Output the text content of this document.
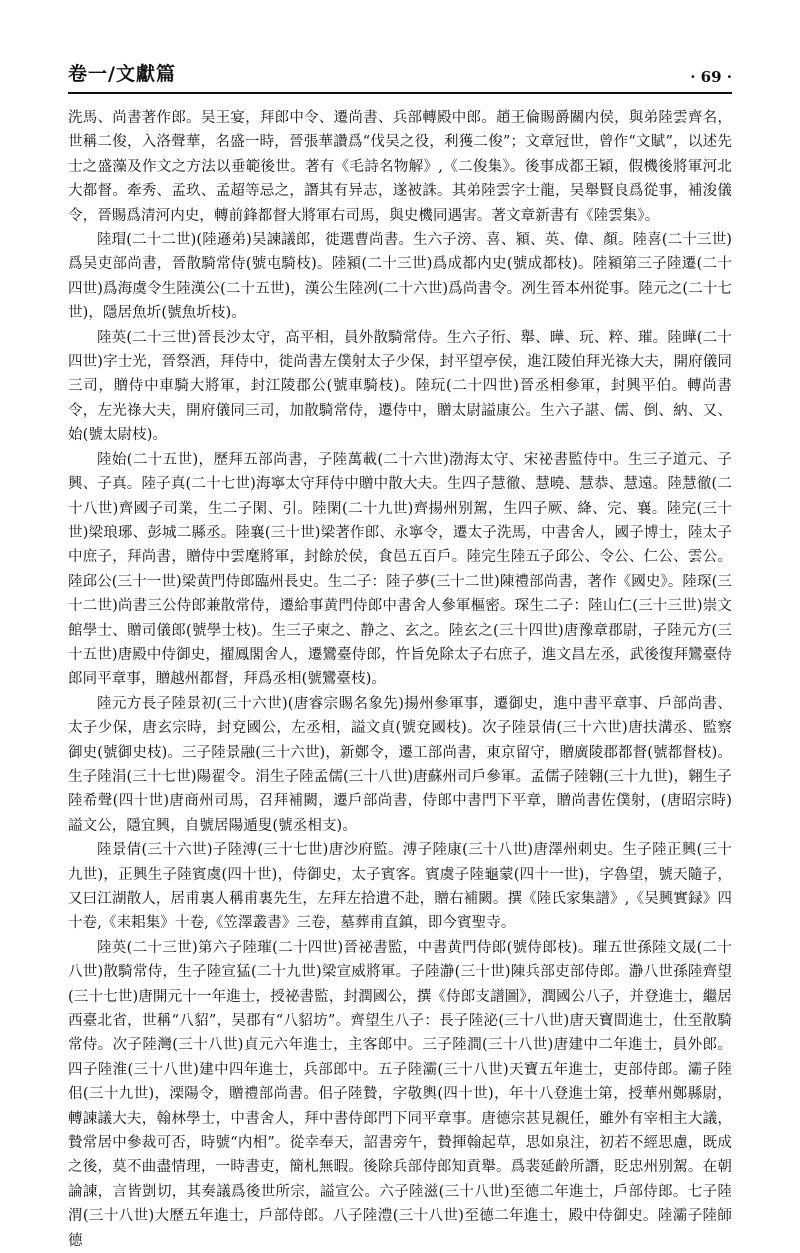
卷一/文獻篇	· 69 ·

洗馬、尚書著作郎。吴王宴，拜郎中令、遷尚書、兵部轉殿中郎。趙王倫賜爵關内侯，與弟陸雲齊名，世稱二俊，入洛聲華，名盛一時，晉張華讚爲“伐吴之役，利獲二俊”；文章冠世，曾作“文賦”，以述先士之盛藻及作文之方法以垂範後世。著有《毛詩名物解》,《二俊集》。後事成都王穎，假機後將軍河北大都督。牽秀、孟玖、孟超等忌之，譖其有异志，遂被誅。其弟陸雲字士龍，吴舉賢良爲從事，補浚儀令，晉賜爲清河内史，轉前鋒都督大將軍右司馬，與史機同遇害。著文章新書有《陸雲集》。

陸瑁(二十二世)(陸遜弟)吴諫議郎，徙選曹尚書。生六子滂、喜、潁、英、偉、顏。陸喜(二十三世)爲吴吏部尚書，晉散騎常侍(號屯騎枝)。陸潁(二十三世)爲成都内史(號成都枝)。陸潁第三子陸遷(二十四世)爲海虞令生陸漢公(二十五世)，漢公生陸冽(二十六世)爲尚書令。冽生晉本州從事。陸元之(二十七世)，隱居魚圻(號魚圻枝)。

陸英(二十三世)晉長沙太守，高平相，員外散騎常侍。生六子衎、舉、曄、玩、粹、璀。陸曄(二十四世)字士光，晉祭酒，拜侍中，徙尚書左僕射太子少保，封平望亭侯，進江陵伯拜光祿大夫，開府儀同三司，贈侍中車騎大將軍，封江陵郡公(號車騎枝)。陸玩(二十四世)晉丞相參軍，封興平伯。轉尚書令，左光祿大夫，開府儀同三司，加散騎常侍，遷侍中，贈太尉謚康公。生六子諶、儒、倒、納、又、始(號太尉枝)。

陸始(二十五世)，歷拜五部尚書，子陸萬載(二十六世)渤海太守、宋祕書監侍中。生三子道元、子興、子真。陸子真(二十七世)海寧太守拜侍中贈中散大夫。生四子慧徹、慧曉、慧恭、慧遠。陸慧徹(二十八世)齊國子司業，生二子閑、引。陸閑(二十九世)齊揚州别駕，生四子厥、絳、完、襄。陸完(三十世)梁琅琊、彭城二縣丞。陸襄(三十世)梁著作郎、永寧令，遷太子洗馬，中書舍人，國子博士，陸太子中庶子，拜尚書，贈侍中雲麾將軍，封餘於侯，食邑五百戶。陸完生陸五子邱公、令公、仁公、雲公。陸邱公(三十一世)梁黄門侍郎臨州長史。生二子：陸子夢(三十二世)陳禮部尚書，著作《國史》。陸琛(三十二世)尚書三公侍郎兼散常侍，遷給事黄門侍郎中書舍人參軍樞密。琛生二子：陸山仁(三十三世)崇文館學士、贈司儀郎(號學士枝)。生三子柬之、静之、玄之。陸玄之(三十四世)唐豫章郡尉，子陸元方(三十五世)唐殿中侍御史，擢鳳閣舍人，遷鸞臺侍郎，忤旨免除太子右庶子，進文昌左丞，武後復拜鸞臺侍郎同平章事，贈越州都督，拜爲丞相(號鸞臺枝)。

陸元方長子陸景初(三十六世)(唐睿宗賜名象先)揚州參軍事，遷御史，進中書平章事、戶部尚書、太子少保，唐玄宗時，封兗國公，左丞相，謚文貞(號兗國枝)。次子陸景倩(三十六世)唐扶溝丞、監察御史(號御史枝)。三子陸景融(三十六世)，新鄭令，遷工部尚書，東京留守，贈廣陵郡都督(號都督枝)。生子陸涓(三十七世)陽翟令。涓生子陸孟儒(三十八世)唐蘇州司戶參軍。孟儒子陸翱(三十九世)，翱生子陸希聲(四十世)唐商州司馬，召拜補闕，遷戶部尚書，侍郎中書門下平章，贈尚書佐僕射，(唐昭宗時)謚文公，隱宜興，自號居陽遁叟(號丞相支)。

陸景倩(三十六世)子陸溥(三十七世)唐沙府監。溥子陸康(三十八世)唐澤州刺史。生子陸正興(三十九世)，正興生子陸賓虞(四十世)，侍御史，太子賓客。賓虞子陸龜蒙(四十一世)，字魯望，號天隨子，又曰江湖散人，居甫裏人稱甫裏先生，左拜左拾遺不赴，贈右補闕。撰《陸氏家集譜》,《吴興實録》四十卷,《耒耜集》十卷,《笠澤叢書》三卷，墓葬甫直鎮，即今賓聖寺。

陸英(二十三世)第六子陸璀(二十四世)晉祕書監，中書黄門侍郎(號侍郎枝)。璀五世孫陸文晟(二十八世)散騎常侍，生子陸宣猛(二十九世)梁宣威將軍。子陸瀞(三十世)陳兵部吏部侍郎。瀞八世孫陸齊望(三十七世)唐開元十一年進士，授祕書監，封潤國公，撰《侍郎支譜圖》，潤國公八子，并登進士，繼居西臺北省，世稱“八貂”，吴郡有“八貂坊”。齊望生八子：長子陸泌(三十八世)唐天寶間進士，仕至散騎常侍。次子陸灣(三十八世)貞元六年進士，主客郎中。三子陸澗(三十八世)唐建中二年進士，員外郎。四子陸淮(三十八世)建中四年進士，兵部郎中。五子陸灞(三十八世)天寶五年進士，吏部侍郎。灞子陸佀(三十九世)，溧陽令，贈禮部尚書。佀子陸贄，字敬輿(四十世)，年十八登進士第，授華州鄭縣尉，轉諫議大夫，翰林學士，中書舍人，拜中書侍郎門下同平章事。唐德宗甚見親任，雖外有宰相主大議，贄常居中參裁可否，時號“内相”。從幸奉天，詔書旁午，贄揮翰起草，思如泉注，初若不經思慮，既成之後，莫不曲盡情理，一時書吏，簡札無暇。後除兵部侍郎知貢舉。爲裴延齡所譖，貶忠州别駕。在朝論諫，言皆剴切，其奏議爲後世所宗，謚宣公。六子陸滋(三十八世)至德二年進士，戶部侍郎。七子陸渭(三十八世)大歷五年進士，戶部侍郎。八子陸澧(三十八世)至德二年進士，殿中侍御史。陸灞子陸師德
